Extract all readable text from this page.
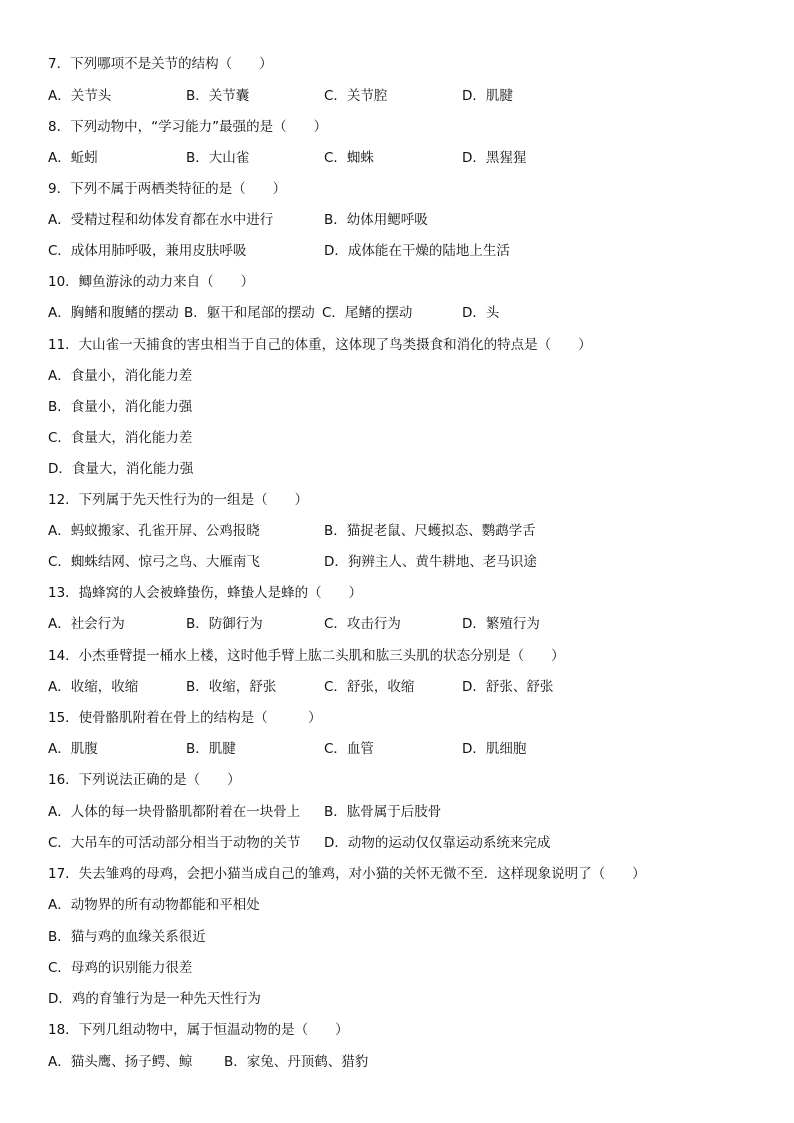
7．下列哪项不是关节的结构（　　）
A．关节头	B．关节囊	C．关节腔	D．肌腱
8．下列动物中，“学习能力”最强的是（　　）
A．蚯蚓	B．大山雀	C．蜘蛛	D．黑猩猩
9．下列不属于两栖类特征的是（　　）
A．受精过程和幼体发育都在水中进行	B．幼体用鳃呼吸
C．成体用肺呼吸，兼用皮肤呼吸	D．成体能在干燥的陆地上生活
10．鲫鱼游泳的动力来自（　　）
A．胸鳍和腹鳍的摆动 B．躯干和尾部的摆动 C．尾鳍的摆动	D．头
11．大山雀一天捕食的害虫相当于自己的体重，这体现了鸟类摄食和消化的特点是（　　）
A．食量小，消化能力差
B．食量小，消化能力强
C．食量大，消化能力差
D．食量大，消化能力强
12．下列属于先天性行为的一组是（　　）
A．蚂蚁搬家、孔雀开屏、公鸡报晓	B．猫捉老鼠、尺蠖拟态、鹦鹉学舌
C．蜘蛛结网、惊弓之鸟、大雁南飞	D．狗辨主人、黄牛耕地、老马识途
13．捣蜂窝的人会被蜂蛰伤，蜂蛰人是蜂的（　　）
A．社会行为	B．防御行为	C．攻击行为	D．繁殖行为
14．小杰垂臂提一桶水上楼，这时他手臂上肱二头肌和肱三头肌的状态分别是（　　）
A．收缩，收缩	B．收缩，舒张	C．舒张，收缩	D．舒张、舒张
15．使骨骼肌附着在骨上的结构是（　　　）
A．肌腹	B．肌腱	C．血管	D．肌细胞
16．下列说法正确的是（　　）
A．人体的每一块骨骼肌都附着在一块骨上 B．肱骨属于后肢骨
C．大吊车的可活动部分相当于动物的关节 D．动物的运动仅仅靠运动系统来完成
17．失去雏鸡的母鸡，会把小猫当成自己的雏鸡，对小猫的关怀无微不至．这样现象说明了（　　）
A．动物界的所有动物都能和平相处
B．猫与鸡的血缘关系很近
C．母鸡的识别能力很差
D．鸡的育雏行为是一种先天性行为
18．下列几组动物中，属于恒温动物的是（　　）
A．猫头鹰、扬子鳄、鲸 B．家兔、丹顶鹤、猎豹
